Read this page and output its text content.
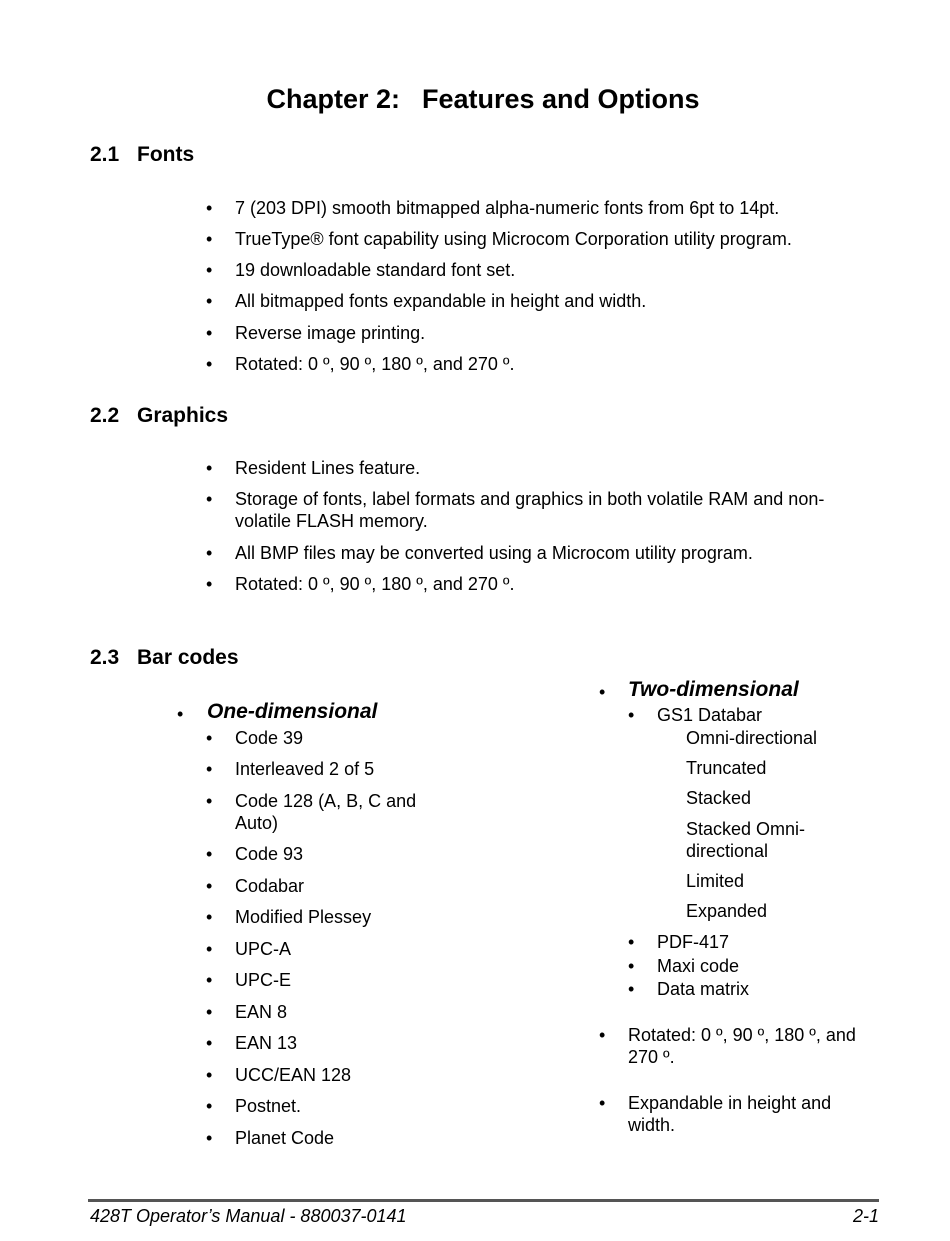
Chapter 2: Features and Options
2.1 Fonts
• 7 (203 DPI) smooth bitmapped alpha-numeric fonts from 6pt to 14pt.
• TrueType® font capability using Microcom Corporation utility program.
• 19 downloadable standard font set.
• All bitmapped fonts expandable in height and width.
• Reverse image printing.
• Rotated: 0 º, 90 º, 180 º, and 270 º.
2.2 Graphics
• Resident Lines feature.
• Storage of fonts, label formats and graphics in both volatile RAM and non-
volatile FLASH memory.
• All BMP files may be converted using a Microcom utility program.
• Rotated: 0 º, 90 º, 180 º, and 270 º.
2.3 Bar codes
• One-dimensional
• Code 39
• Interleaved 2 of 5
• Code 128 (A, B, C and
Auto)
• Code 93
• Codabar
• Modified Plessey
• UPC-A
• UPC-E
• EAN 8
• EAN 13
• UCC/EAN 128
• Postnet.
• Planet Code
• Two-dimensional
• GS1 Databar
Omni-directional
Truncated
Stacked
Stacked Omni-
directional
Limited
Expanded
• PDF-417
• Maxi code
• Data matrix
• Rotated: 0 º, 90 º, 180 º, and
270 º.
• Expandable in height and
width.
428T Operator’s Manual - 880037-0141	2-1
